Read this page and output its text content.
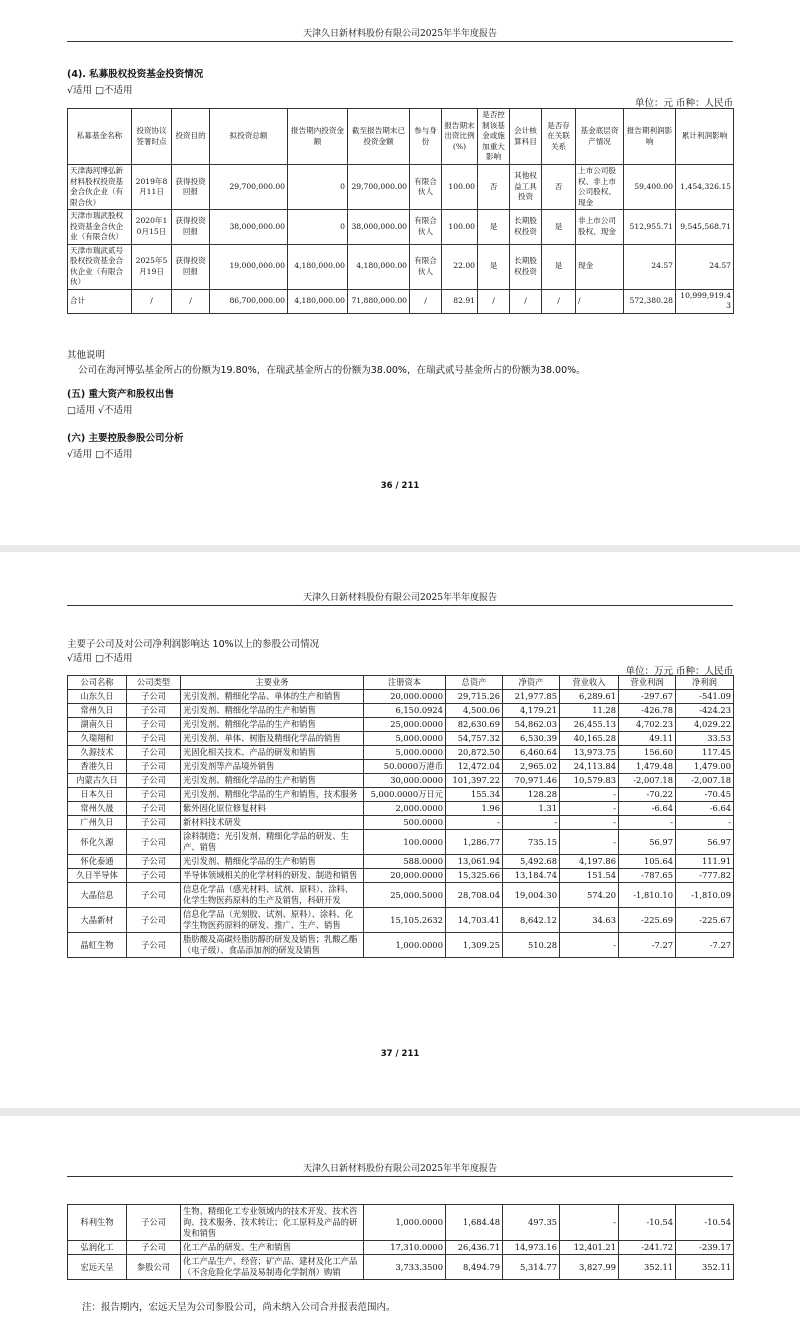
天津久日新材料股份有限公司2025年半年度报告
(4). 私募股权投资基金投资情况
√适用 □不适用
单位：元 币种：人民币
私募基金名称	投资协议签署时点	投资目的	拟投资总额	报告期内投资金额	截至报告期末已投资金额	参与身份	报告期末出资比例(%)	是否控制该基金或施加重大影响	会计核算科目	是否存在关联关系	基金底层资产情况	报告期利润影响	累计利润影响
天津海河博弘新材料股权投资基金合伙企业（有限合伙）	2019年8月11日	获得投资回报	29,700,000.00	0	29,700,000.00	有限合伙人	100.00	否	其他权益工具投资	否	上市公司股权、非上市公司股权、现金	59,400.00	1,454,326.15
天津市瑞武股权投资基金合伙企业（有限合伙）	2020年10月15日	获得投资回报	38,000,000.00	0	38,000,000.00	有限合伙人	100.00	是	长期股权投资	是	非上市公司股权、现金	512,955.71	9,545,568.71
天津市瑞武贰号股权投资基金合伙企业（有限合伙）	2025年5月19日	获得投资回报	19,000,000.00	4,180,000.00	4,180,000.00	有限合伙人	22.00	是	长期股权投资	是	现金	24.57	24.57
合计	/	/	86,700,000.00	4,180,000.00	71,880,000.00	/	82.91	/	/	/	/	572,380.28	10,999,919.43
其他说明
公司在海河博弘基金所占的份额为19.80%，在瑞武基金所占的份额为38.00%，在瑞武贰号基金所占的份额为38.00%。
(五) 重大资产和股权出售
□适用 √不适用
(六) 主要控股参股公司分析
√适用 □不适用
36 / 211
天津久日新材料股份有限公司2025年半年度报告
主要子公司及对公司净利润影响达 10%以上的参股公司情况
√适用 □不适用
单位：万元 币种：人民币
公司名称	公司类型	主要业务	注册资本	总资产	净资产	营业收入	营业利润	净利润
山东久日	子公司	光引发剂、精细化学品、单体的生产和销售	20,000.0000	29,715.26	21,977.85	6,289.61	-297.67	-541.09
常州久日	子公司	光引发剂、精细化学品的生产和销售	6,150.0924	4,500.06	4,179.21	11.28	-426.78	-424.23
湖南久日	子公司	光引发剂、精细化学品的生产和销售	25,000.0000	82,630.69	54,862.03	26,455.13	4,702.23	4,029.22
久瑞翔和	子公司	光引发剂、单体、树脂及精细化学品的销售	5,000.0000	54,757.32	6,530.39	40,165.28	49.11	33.53
久源技术	子公司	光固化相关技术、产品的研发和销售	5,000.0000	20,872.50	6,460.64	13,973.75	156.60	117.45
香港久日	子公司	光引发剂等产品境外销售	50.0000万港币	12,472.04	2,965.02	24,113.84	1,479.48	1,479.00
内蒙古久日	子公司	光引发剂、精细化学品的生产和销售	30,000.0000	101,397.22	70,971.46	10,579.83	-2,007.18	-2,007.18
日本久日	子公司	光引发剂、精细化学品的生产和销售，技术服务	5,000.0000万日元	155.34	128.28	-	-70.22	-70.45
常州久晟	子公司	紫外固化原位修复材料	2,000.0000	1.96	1.31	-	-6.64	-6.64
广州久日	子公司	新材料技术研发	500.0000	-	-	-	-	-
怀化久源	子公司	涂料制造；光引发剂、精细化学品的研发、生产、销售	100.0000	1,286.77	735.15	-	56.97	56.97
怀化泰通	子公司	光引发剂、精细化学品的生产和销售	588.0000	13,061.94	5,492.68	4,197.86	105.64	111.91
久日半导体	子公司	半导体领域相关的化学材料的研发、制造和销售	20,000.0000	15,325.66	13,184.74	151.54	-787.65	-777.82
大晶信息	子公司	信息化学品（感光材料、试剂、原料）、涂料、化学生物医药原料的生产及销售，科研开发	25,000.5000	28,708.04	19,004.30	574.20	-1,810.10	-1,810.09
大晶新材	子公司	信息化学品（光刻胶、试剂、原料）、涂料、化学生物医药原料的研发、推广、生产、销售	15,105.2632	14,703.41	8,642.12	34.63	-225.69	-225.67
晶虹生物	子公司	脂肪酸及高碳烃脂肪醇的研发及销售；乳酸乙酯（电子级）、食品添加剂的研发及销售	1,000.0000	1,309.25	510.28	-	-7.27	-7.27
37 / 211
天津久日新材料股份有限公司2025年半年度报告
科利生物	子公司	生物、精细化工专业领域内的技术开发、技术咨询、技术服务、技术转让；化工原料及产品的研发和销售	1,000.0000	1,684.48	497.35	-	-10.54	-10.54
弘润化工	子公司	化工产品的研发、生产和销售	17,310.0000	26,436.71	14,973.16	12,401.21	-241.72	-239.17
宏远天呈	参股公司	化工产品生产、经营；矿产品、建材及化工产品（不含危险化学品及易制毒化学制剂）购销	3,733.3500	8,494.79	5,314.77	3,827.99	352.11	352.11
注：报告期内，宏远天呈为公司参股公司，尚未纳入公司合并报表范围内。
